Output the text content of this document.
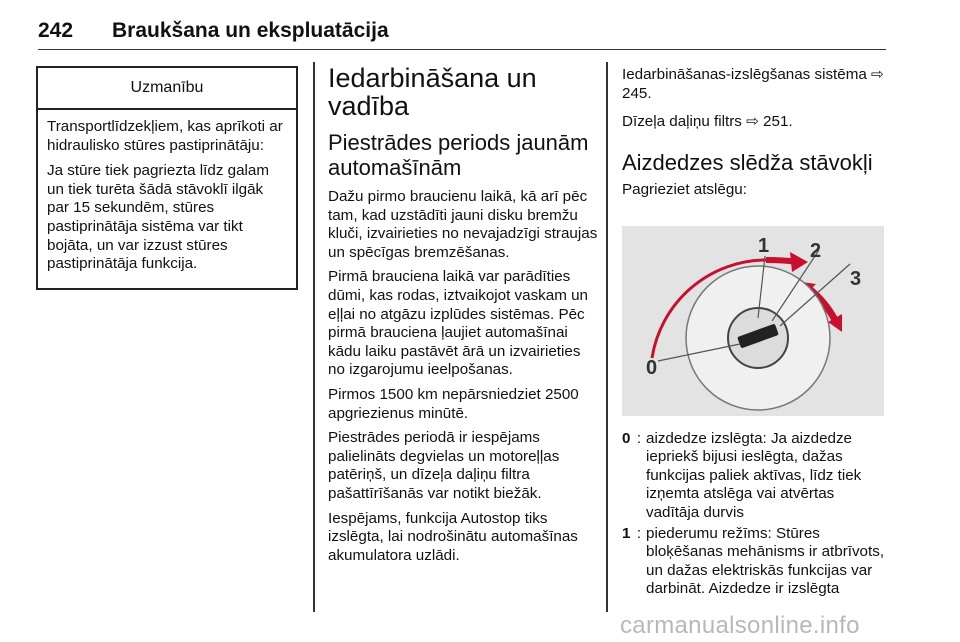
242	Braukšana un ekspluatācija
Uzmanību

Transportlīdzekļiem, kas aprīkoti ar hidraulisko stūres pastiprinātāju:

Ja stūre tiek pagriezta līdz galam un tiek turēta šādā stāvoklī ilgāk par 15 sekundēm, stūres pastiprinātāja sistēma var tikt bojāta, un var izzust stūres pastiprinātāja funkcija.

Iedarbināšana un vadība
Piestrādes periods jaunām automašīnām

Dažu pirmo braucienu laikā, kā arī pēc tam, kad uzstādīti jauni disku bremžu kluči, izvairieties no nevajadzīgi straujas un spēcīgas bremzēšanas.

Pirmā brauciena laikā var parādīties dūmi, kas rodas, iztvaikojot vaskam un eļļai no atgāzu izplūdes sistēmas. Pēc pirmā brauciena ļaujiet automašīnai kādu laiku pastāvēt ārā un izvairieties no izgarojumu ieelpošanas.

Pirmos 1500 km nepārsniedziet 2500 apgriezienus minūtē.

Piestrādes periodā ir iespējams palielināts degvielas un motoreļļas patēriņš, un dīzeļa daļiņu filtra pašattīrīšanās var notikt biežāk.

Iespējams, funkcija Autostop tiks izslēgta, lai nodrošinātu automašīnas akumulatora uzlādi.

Iedarbināšanas-izslēgšanas sistēma ⇨ 245.

Dīzeļa daļiņu filtrs ⇨ 251.

Aizdedzes slēdža stāvokļi

Pagrieziet atslēgu:

0
1 2
3
0 : aizdedze izslēgta: Ja aizdedze iepriekš bijusi ieslēgta, dažas funkcijas paliek aktīvas, līdz tiek izņemta atslēga vai atvērtas vadītāja durvis
1 : piederumu režīms: Stūres bloķēšanas mehānisms ir atbrīvots, un dažas elektriskās funkcijas var darbināt. Aizdedze ir izslēgta
carmanualsonline.info
